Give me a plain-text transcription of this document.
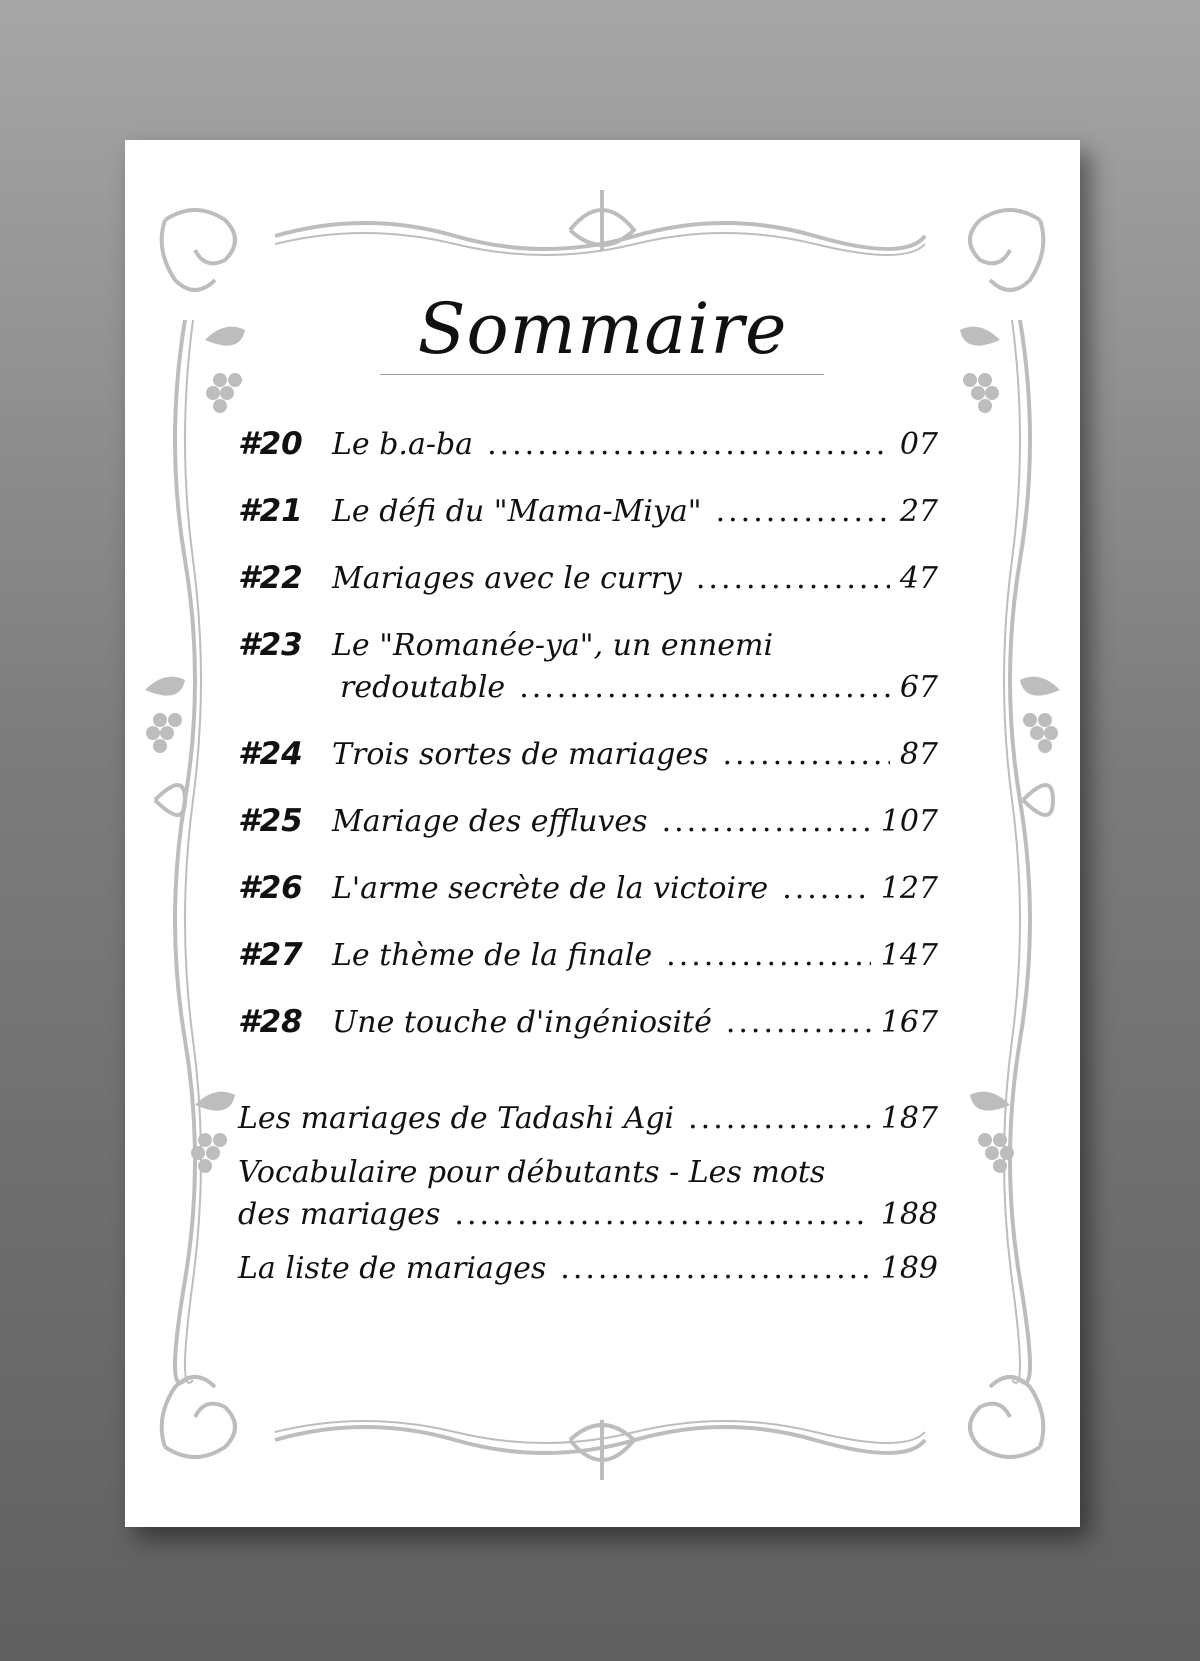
Sommaire
#20 Le b.a-ba .....	07
#21 Le défi du "Mama-Miya" .....	27
#22 Mariages avec le curry .....	47
#23 Le "Romanée-ya", un ennemi
redoutable .....	67
#24 Trois sortes de mariages .....	87
#25 Mariage des effluves .....	107
#26 L'arme secrète de la victoire .....	127
#27 Le thème de la finale .....	147
#28 Une touche d'ingéniosité .....	167
Les mariages de Tadashi Agi .....	187
Vocabulaire pour débutants - Les mots
des mariages .....	188
La liste de mariages .....	189
